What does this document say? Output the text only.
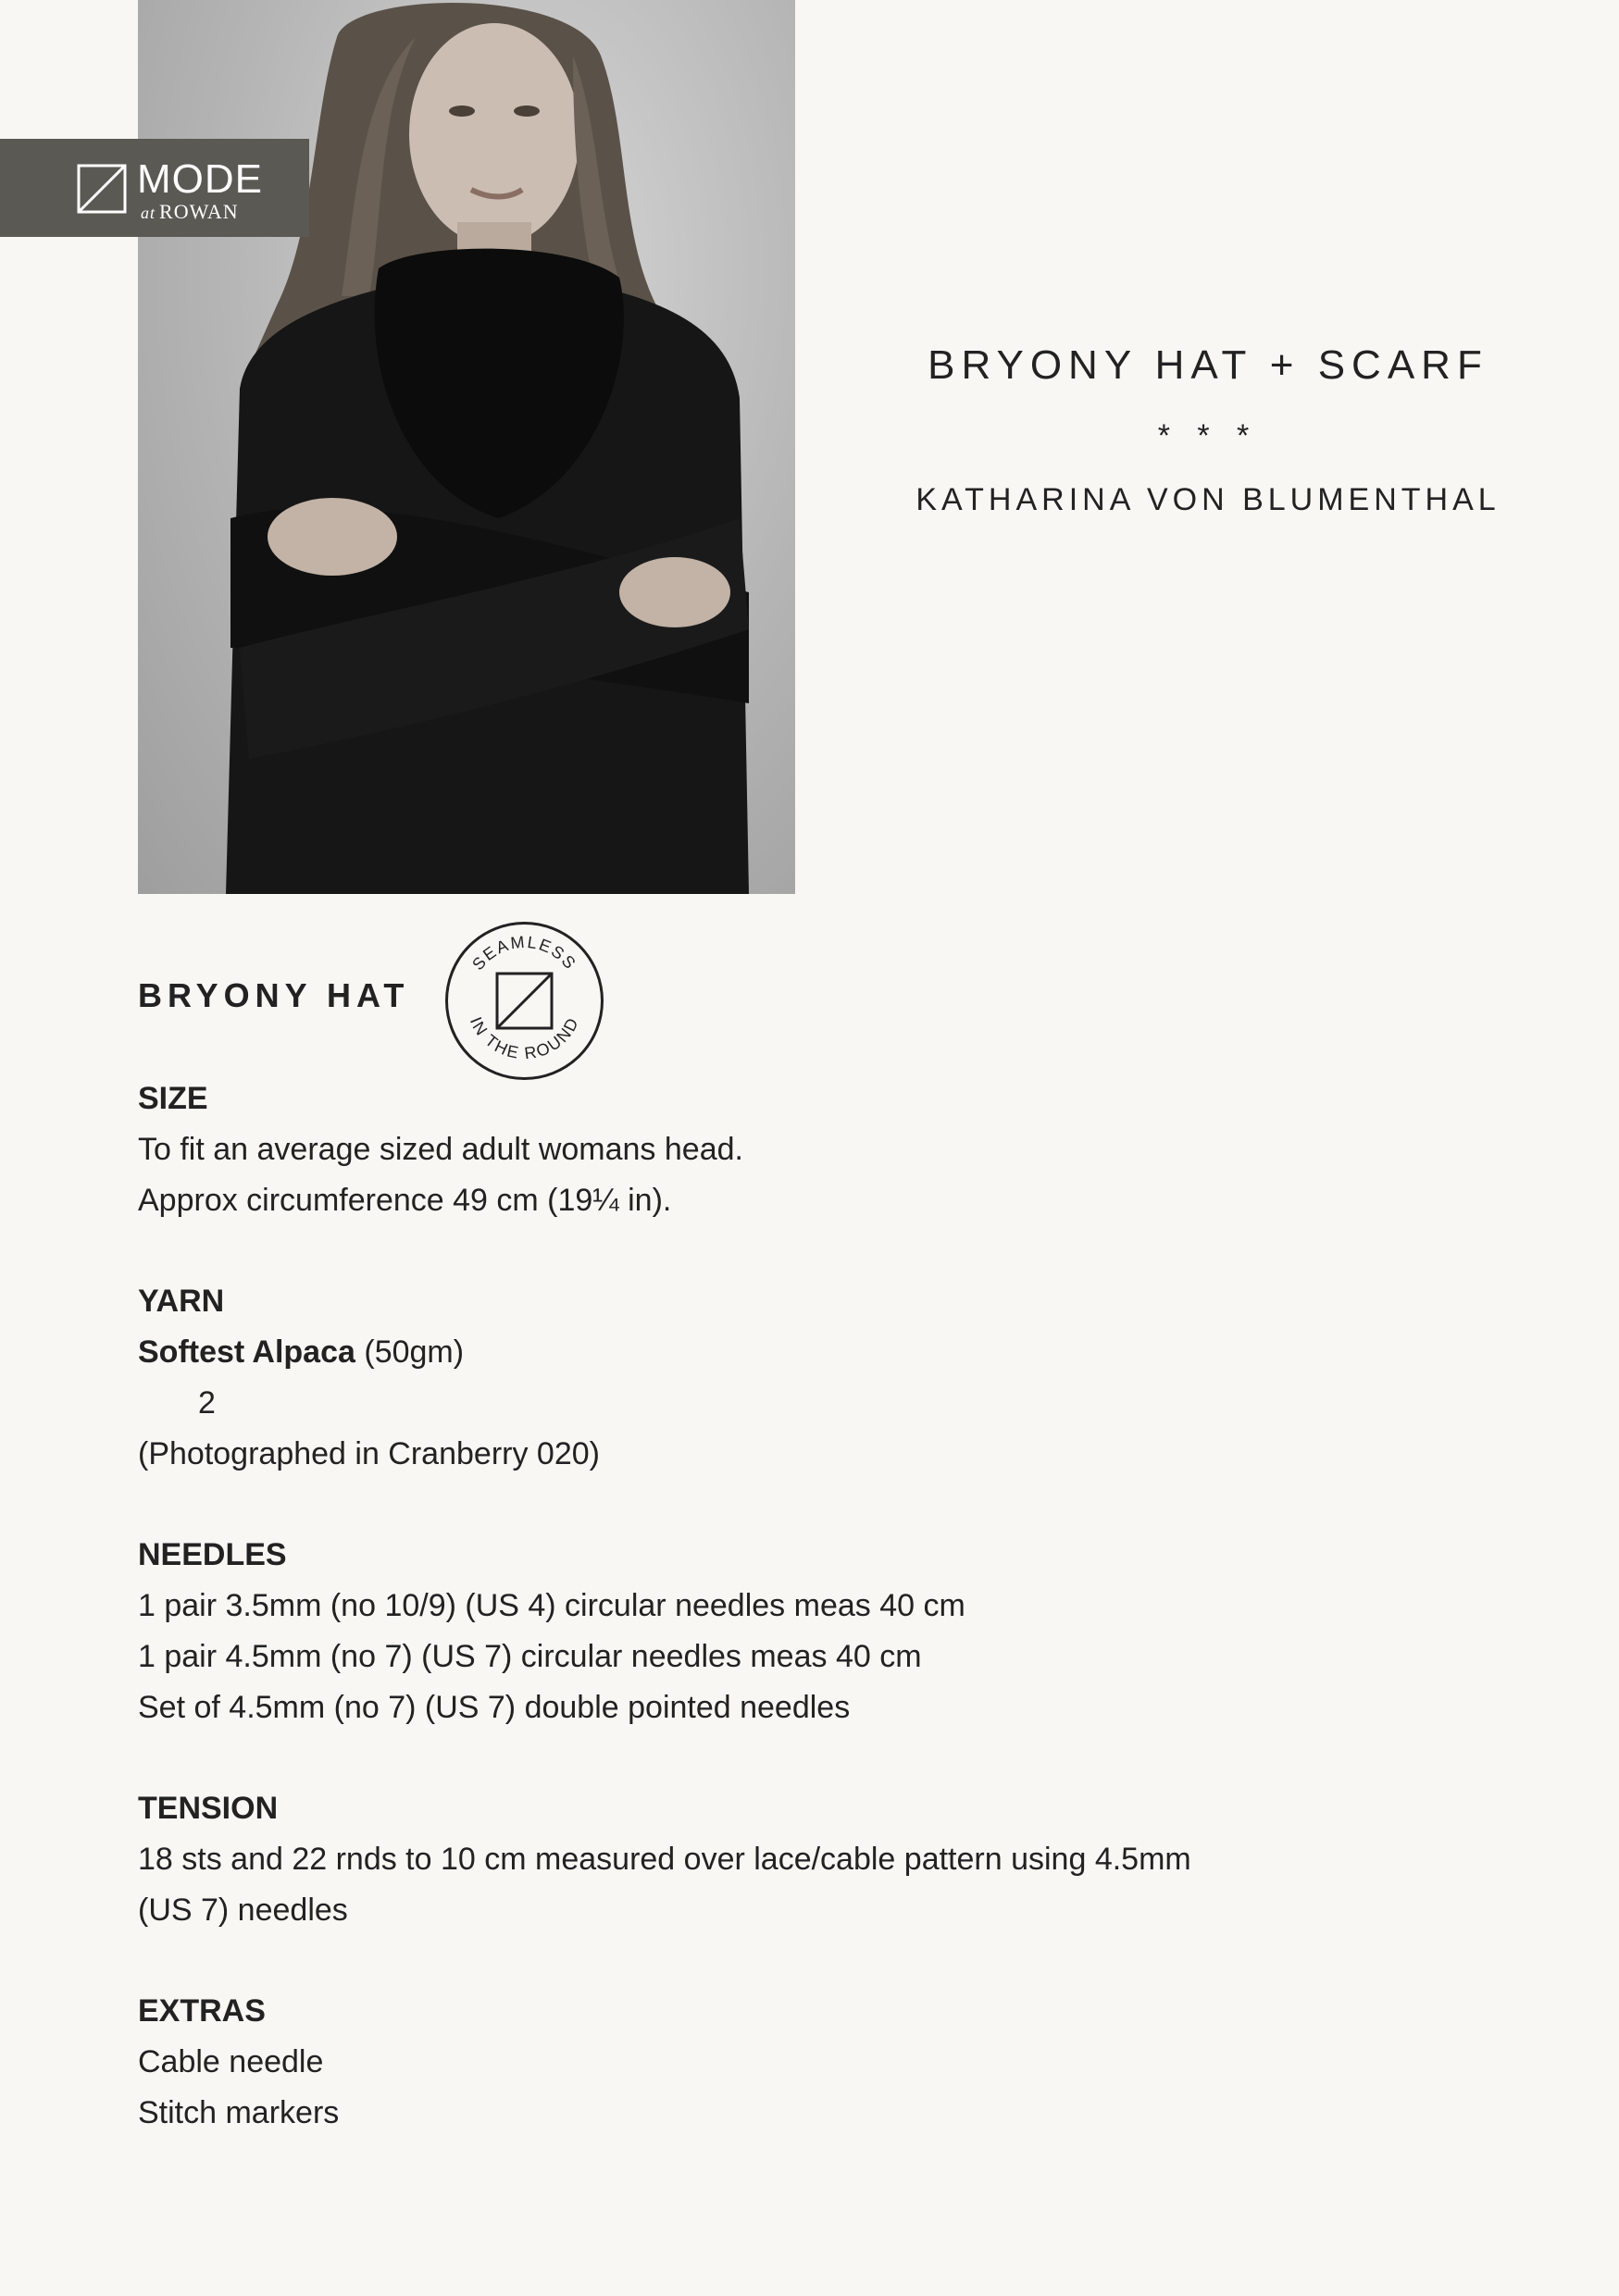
MODE
at ROWAN
BRYONY HAT + SCARF
* * *
KATHARINA VON BLUMENTHAL
BRYONY HAT
SEAMLESS
IN THE ROUND
SIZE
To fit an average sized adult womans head.
Approx circumference 49 cm (19¼ in).
YARN
Softest Alpaca (50gm)
2
(Photographed in Cranberry 020)
NEEDLES
1 pair 3.5mm (no 10/9) (US 4) circular needles meas 40 cm
1 pair 4.5mm (no 7) (US 7) circular needles meas 40 cm
Set of 4.5mm (no 7) (US 7) double pointed needles
TENSION
18 sts and 22 rnds to 10 cm measured over lace/cable pattern using 4.5mm
(US 7) needles
EXTRAS
Cable needle
Stitch markers
